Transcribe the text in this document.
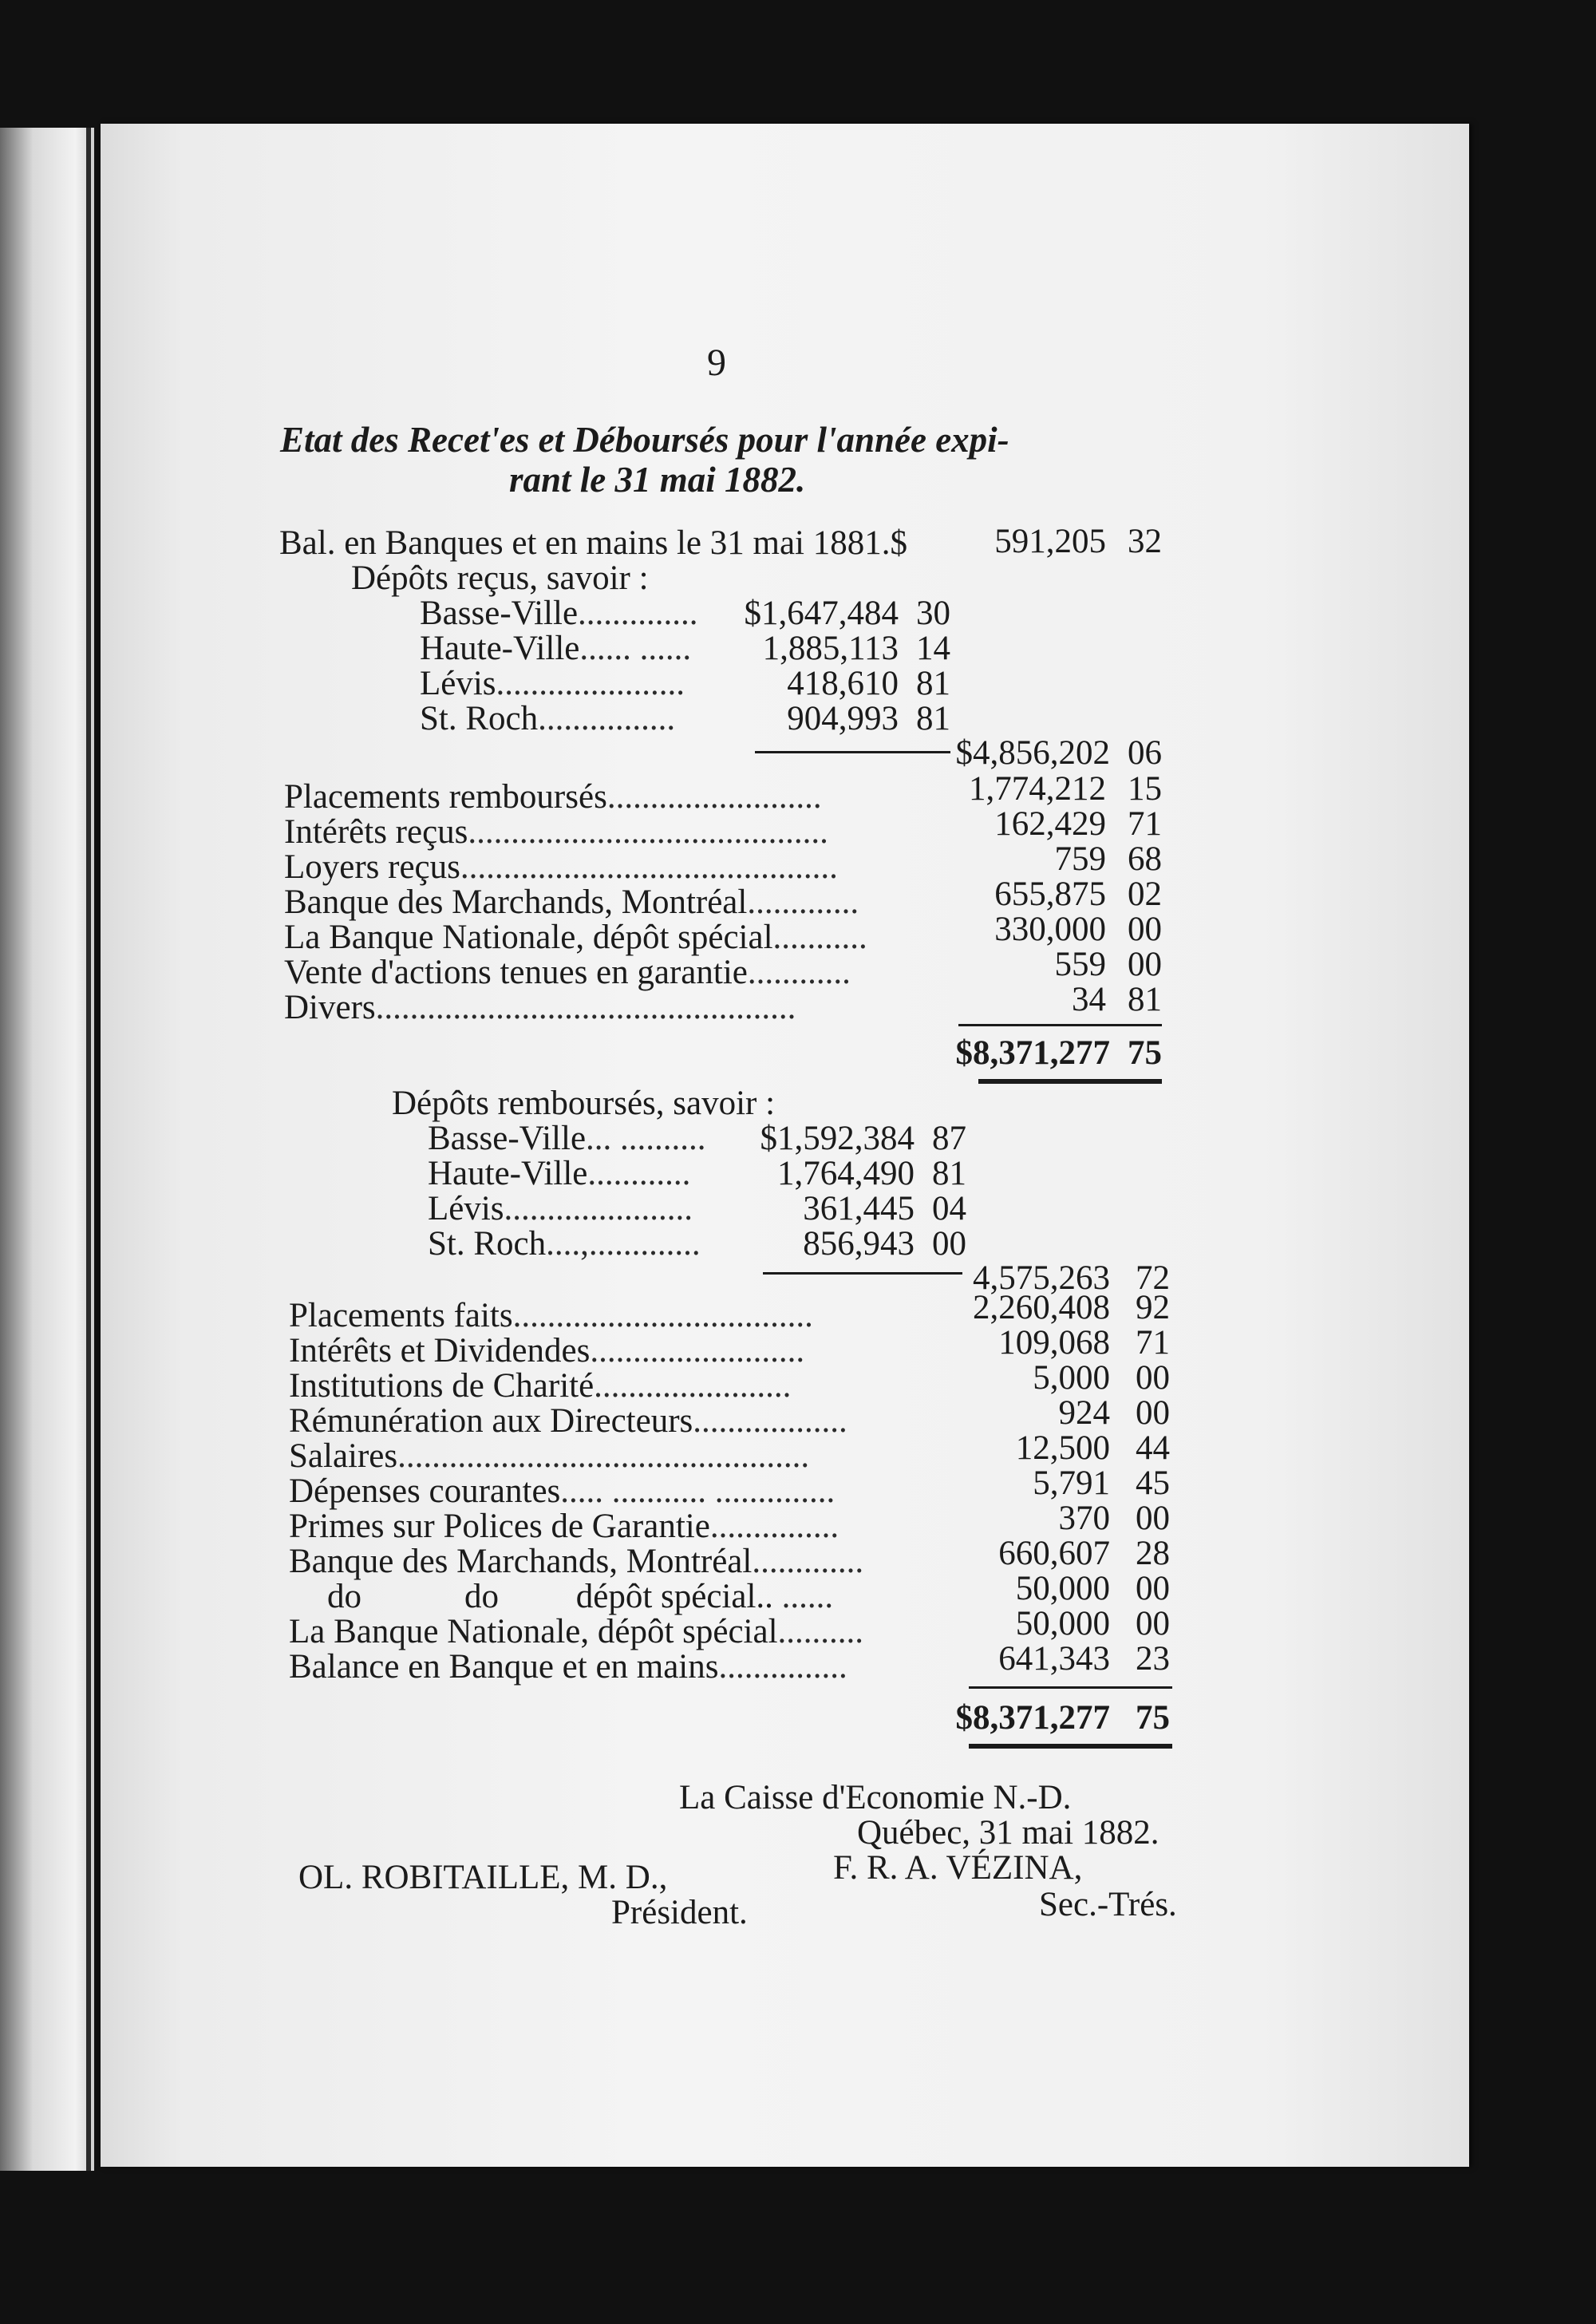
9
Etat des Recet'es et Déboursés pour l'année expi-
rant le 31 mai 1882.
Bal. en Banques et en mains le 31 mai 1881.$	591,205 32
Dépôts reçus, savoir :
Basse-Ville..............	$1,647,484 30
Haute-Ville...... ......	1,885,113 14
Lévis......................	418,610 81
St. Roch................	904,993 81
$4,856,202 06
Placements remboursés.........................	1,774,212 15
Intérêts reçus..........................................	162,429 71
Loyers reçus............................................	759 68
Banque des Marchands, Montréal.............	655,875 02
La Banque Nationale, dépôt spécial...........	330,000 00
Vente d'actions tenues en garantie............	559 00
Divers.................................................	34 81
$8,371,277 75
Dépôts remboursés, savoir :
Basse-Ville... ..........	$1,592,384 87
Haute-Ville............	1,764,490 81
Lévis......................	361,445 04
St. Roch....,.............	856,943 00
4,575,263 72
Placements faits...................................	2,260,408 92
Intérêts et Dividendes.........................	109,068 71
Institutions de Charité.......................	5,000 00
Rémunération aux Directeurs..................	924 00
Salaires................................................	12,500 44
Dépenses courantes..... ........... ..............	5,791 45
Primes sur Polices de Garantie...............	370 00
Banque des Marchands, Montréal.............	660,607 28
do            do         dépôt spécial.. ......	50,000 00
La Banque Nationale, dépôt spécial..........	50,000 00
Balance en Banque et en mains...............	641,343 23
$8,371,277 75
La Caisse d'Economie N.-D.
Québec, 31 mai 1882.
OL. ROBITAILLE, M. D.,
Président.
F. R. A. VÉZINA,
Sec.-Trés.
